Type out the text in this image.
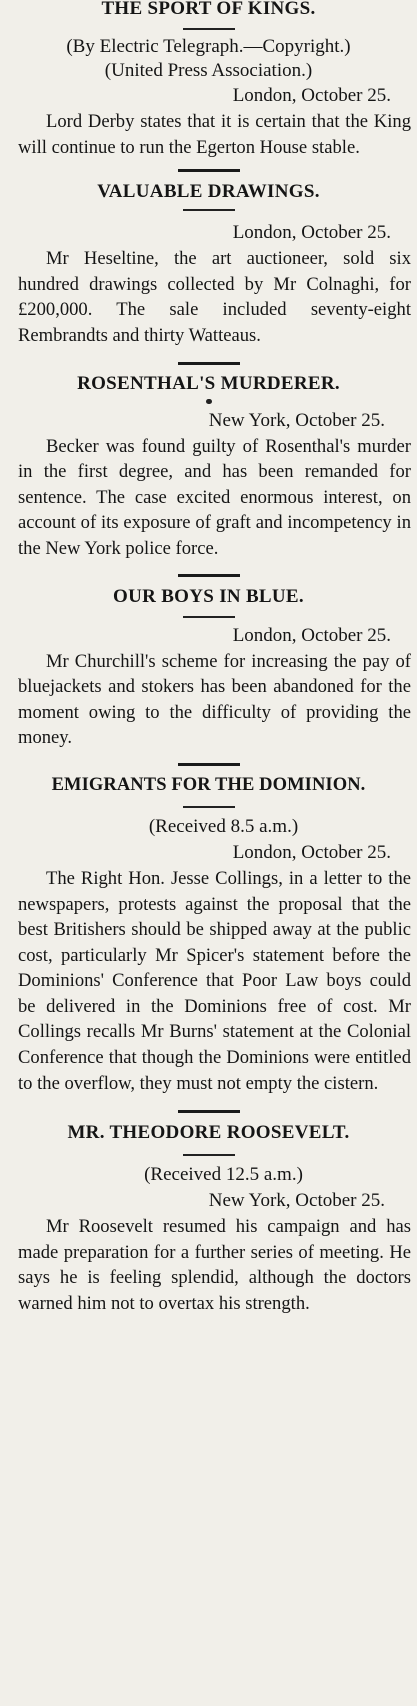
THE SPORT OF KINGS.

(By Electric Telegraph.—Copyright.)

(United Press Association.)

London, October 25.

Lord Derby states that it is certain that the King will continue to run the Egerton House stable.

VALUABLE DRAWINGS.

London, October 25.

Mr Heseltine, the art auctioneer, sold six hundred drawings collected by Mr Colnaghi, for £200,000. The sale included seventy-eight Rembrandts and thirty Watteaus.

ROSENTHAL'S MURDERER.

New York, October 25.

Becker was found guilty of Rosenthal's murder in the first degree, and has been remanded for sentence. The case excited enormous interest, on account of its exposure of graft and incompetency in the New York police force.

OUR BOYS IN BLUE.

London, October 25.

Mr Churchill's scheme for increasing the pay of bluejackets and stokers has been abandoned for the moment owing to the difficulty of providing the money.

EMIGRANTS FOR THE DOMINION.

(Received 8.5 a.m.)

London, October 25.

The Right Hon. Jesse Collings, in a letter to the newspapers, protests against the proposal that the best Britishers should be shipped away at the public cost, particularly Mr Spicer's statement before the Dominions' Conference that Poor Law boys could be delivered in the Dominions free of cost. Mr Collings recalls Mr Burns' statement at the Colonial Conference that though the Dominions were entitled to the overflow, they must not empty the cistern.

MR. THEODORE ROOSEVELT.

(Received 12.5 a.m.)

New York, October 25.

Mr Roosevelt resumed his campaign and has made preparation for a further series of meeting. He says he is feeling splendid, although the doctors warned him not to overtax his strength.
